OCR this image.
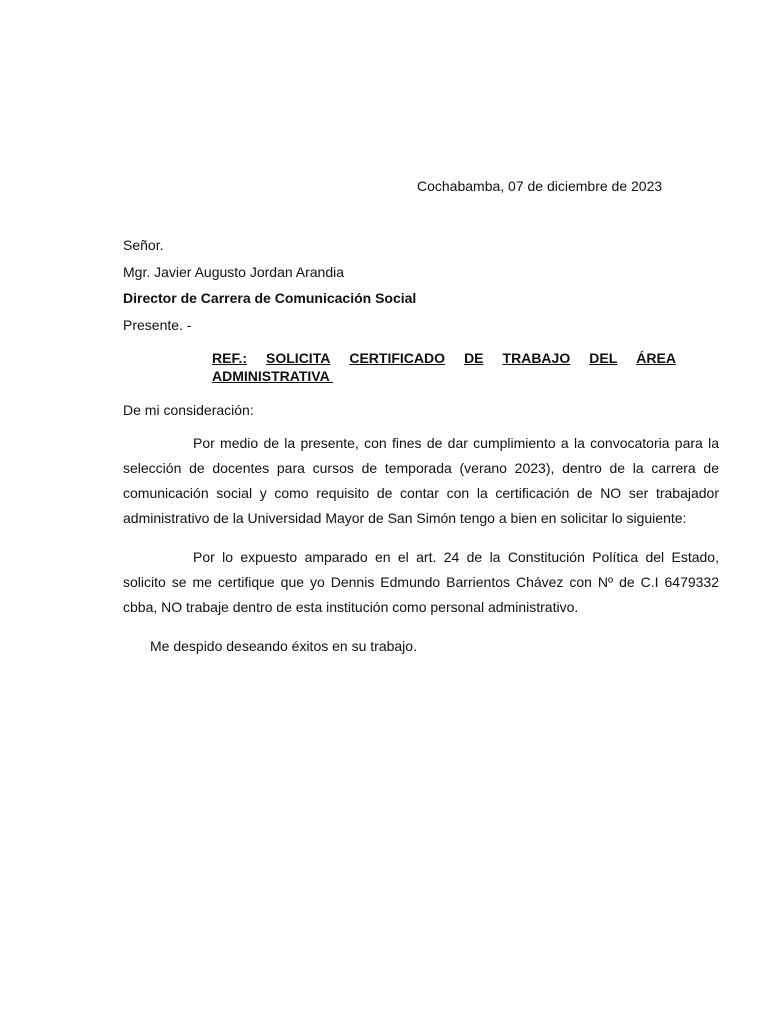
Cochabamba, 07 de diciembre de 2023
Señor.
Mgr. Javier Augusto Jordan Arandia
Director de Carrera de Comunicación Social
Presente. -
REF.: SOLICITA CERTIFICADO DE TRABAJO DEL ÁREA
ADMINISTRATIVA
De mi consideración:
Por medio de la presente, con fines de dar cumplimiento a la convocatoria para la selección de docentes para cursos de temporada (verano 2023), dentro de la carrera de comunicación social y como requisito de contar con la certificación de NO ser trabajador administrativo de la Universidad Mayor de San Simón tengo a bien en solicitar lo siguiente:
Por lo expuesto amparado en el art. 24 de la Constitución Política del Estado, solicito se me certifique que yo Dennis Edmundo Barrientos Chávez con Nº de C.I 6479332 cbba, NO trabaje dentro de esta institución como personal administrativo.
Me despido deseando éxitos en su trabajo.
